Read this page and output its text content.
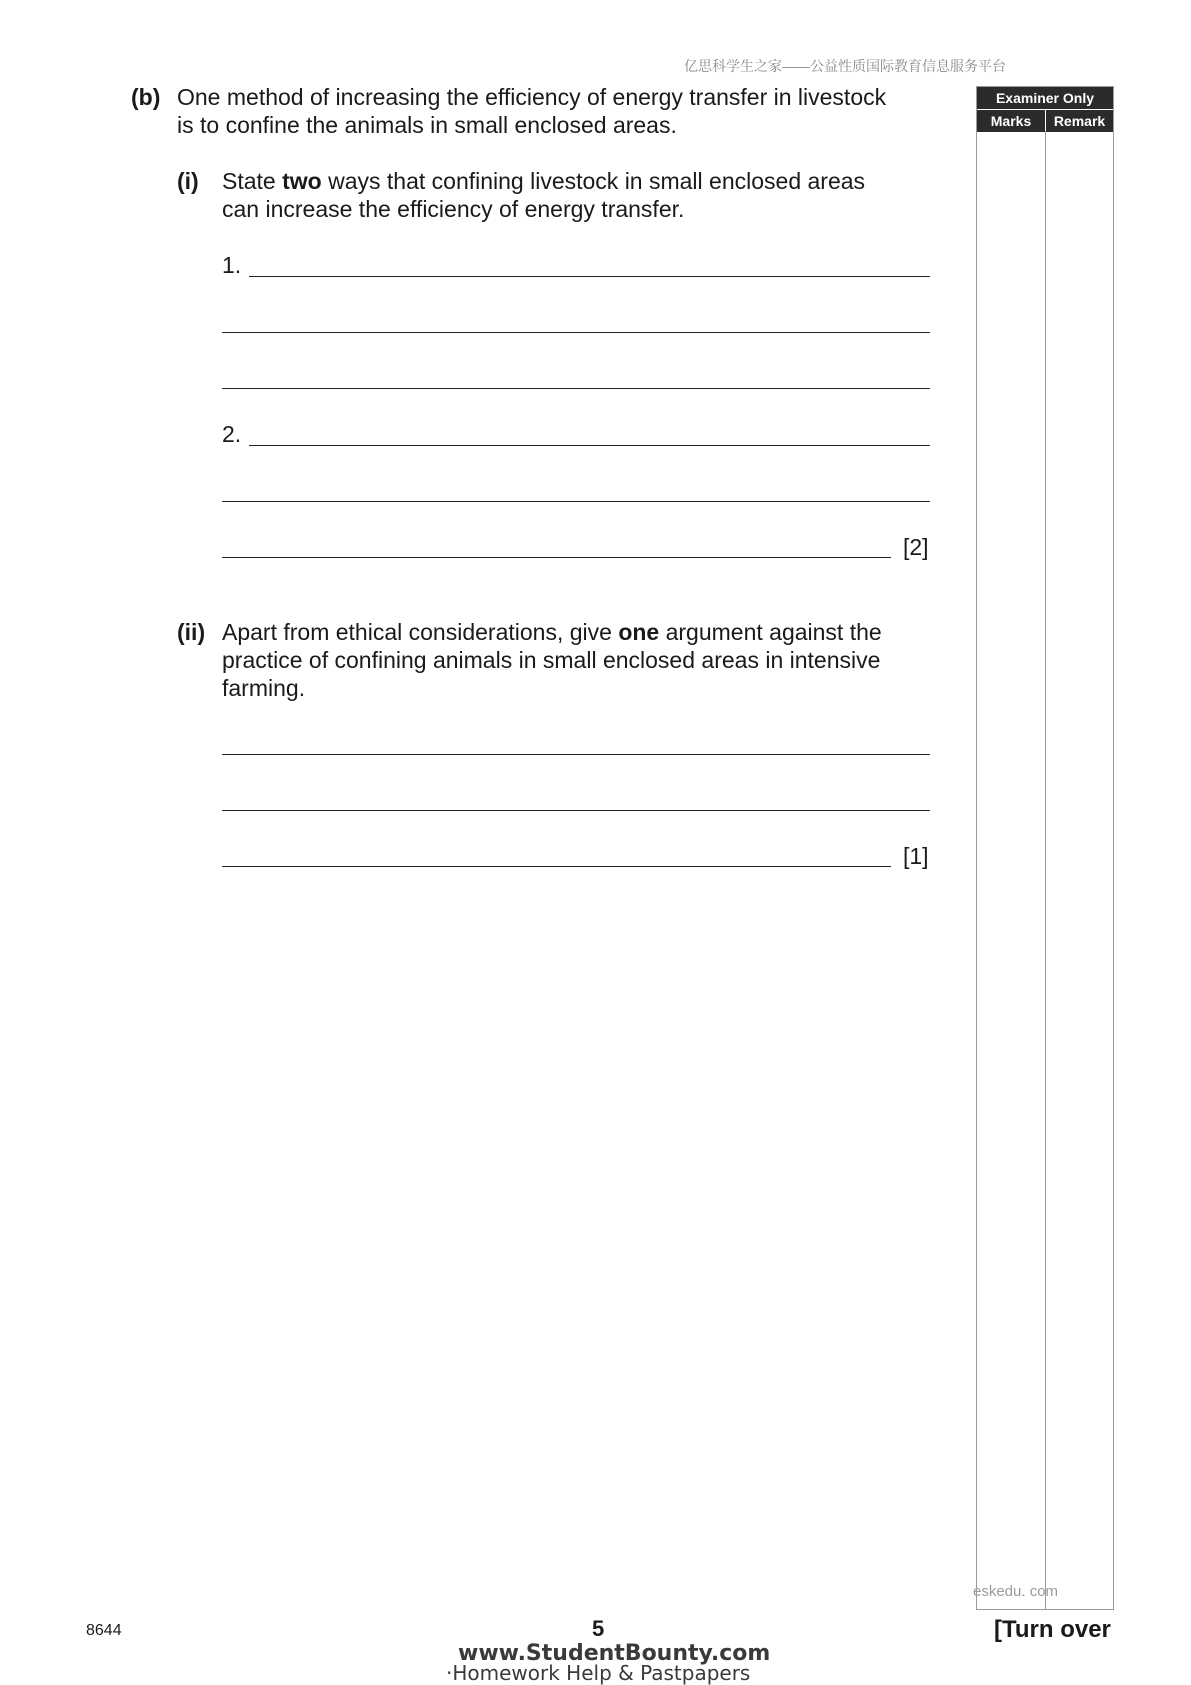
亿思科学生之家——公益性质国际教育信息服务平台
Examiner Only
Marks	Remark
eskedu. com
(b) One method of increasing the efficiency of energy transfer in livestock
is to confine the animals in small enclosed areas.
(i) State two ways that confining livestock in small enclosed areas
can increase the efficiency of energy transfer.
1.
2.
[2]
(ii) Apart from ethical considerations, give one argument against the
practice of confining animals in small enclosed areas in intensive
farming.
[1]
8644	5	[Turn over
www.StudentBounty.com
·Homework Help & Pastpapers
